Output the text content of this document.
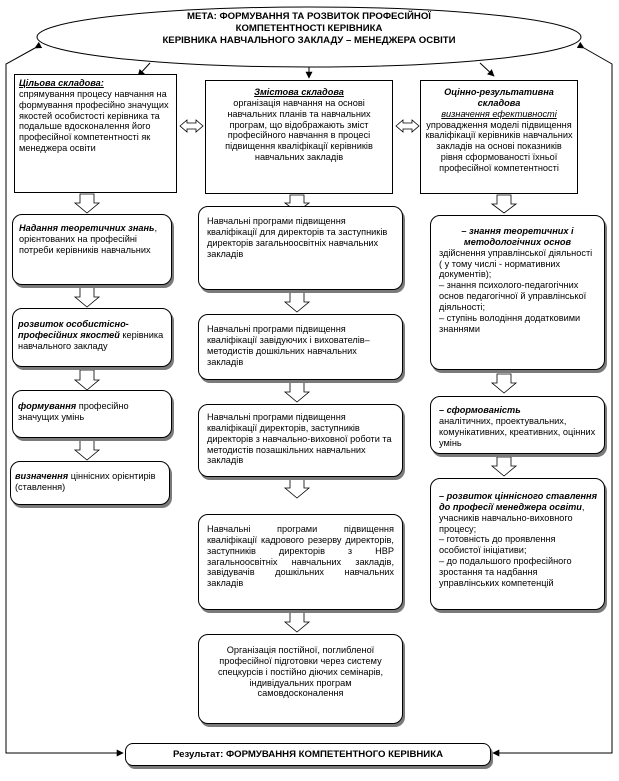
МЕТА: ФОРМУВАННЯ ТА РОЗВИТОК ПРОФЕСІЙНОЇ
КОМПЕТЕНТНОСТІ КЕРІВНИКА
КЕРІВНИКА НАВЧАЛЬНОГО ЗАКЛАДУ – МЕНЕДЖЕРА ОСВІТИ
Цільова складова:
спрямування процесу навчання на формування професійно значущих якостей особистості керівника та подальше вдосконалення його професійної компетентності як менеджера освіти
Надання теоретичних знань, орієнтованих на професійні потреби керівників навчальних
розвиток особистісно-професійних якостей керівника навчального закладу
формування професійно значущих умінь
визначення ціннісних орієнтирів (ставлення)
Змістова складова
організація навчання на основі навчальних планів та навчальних програм, що відображають зміст професійного навчання в процесі підвищення кваліфікації керівників навчальних закладів
Навчальні програми підвищення кваліфікації для директорів та заступників директорів загальноосвітніх навчальних закладів
Навчальні програми підвищення кваліфікації завідуючих і вихователів–методистів дошкільних навчальних закладів
Навчальні програми підвищення кваліфікації директорів, заступників директорів з навчально-виховної роботи та методистів позашкільних навчальних закладів
Навчальні програми підвищення кваліфікації кадрового резерву директорів, заступників директорів з НВР загальноосвітніх навчальних закладів, завідувачів дошкільних навчальних закладів
Організація постійної, поглибленої професійної підготовки через систему спецкурсів і постійно діючих семінарів, індивідуальних програм самовдосконалення
Оцінно-результативна складова
визначення ефективності
упровадження моделі підвищення кваліфікації керівників навчальних закладів на основі показників рівня сформованості їхньої професійної компетентності
– знання теоретичних і методологічних основ
здійснення управлінської діяльності ( у тому числі - нормативних документів);
– знання психолого-педагогічних основ педагогічної й управлінської діяльності;
– ступінь володіння додатковими знаннями
– сформованість
аналітичних, проектувальних, комунікативних, креативних, оцінних умінь
– розвиток ціннісного ставлення до професії менеджера освіти, учасників навчально-виховного процесу;
– готовність до проявлення особистої ініціативи;
– до подальшого професійного зростання та надбання управлінських компетенцій
Результат: ФОРМУВАННЯ КОМПЕТЕНТНОГО КЕРІВНИКА
